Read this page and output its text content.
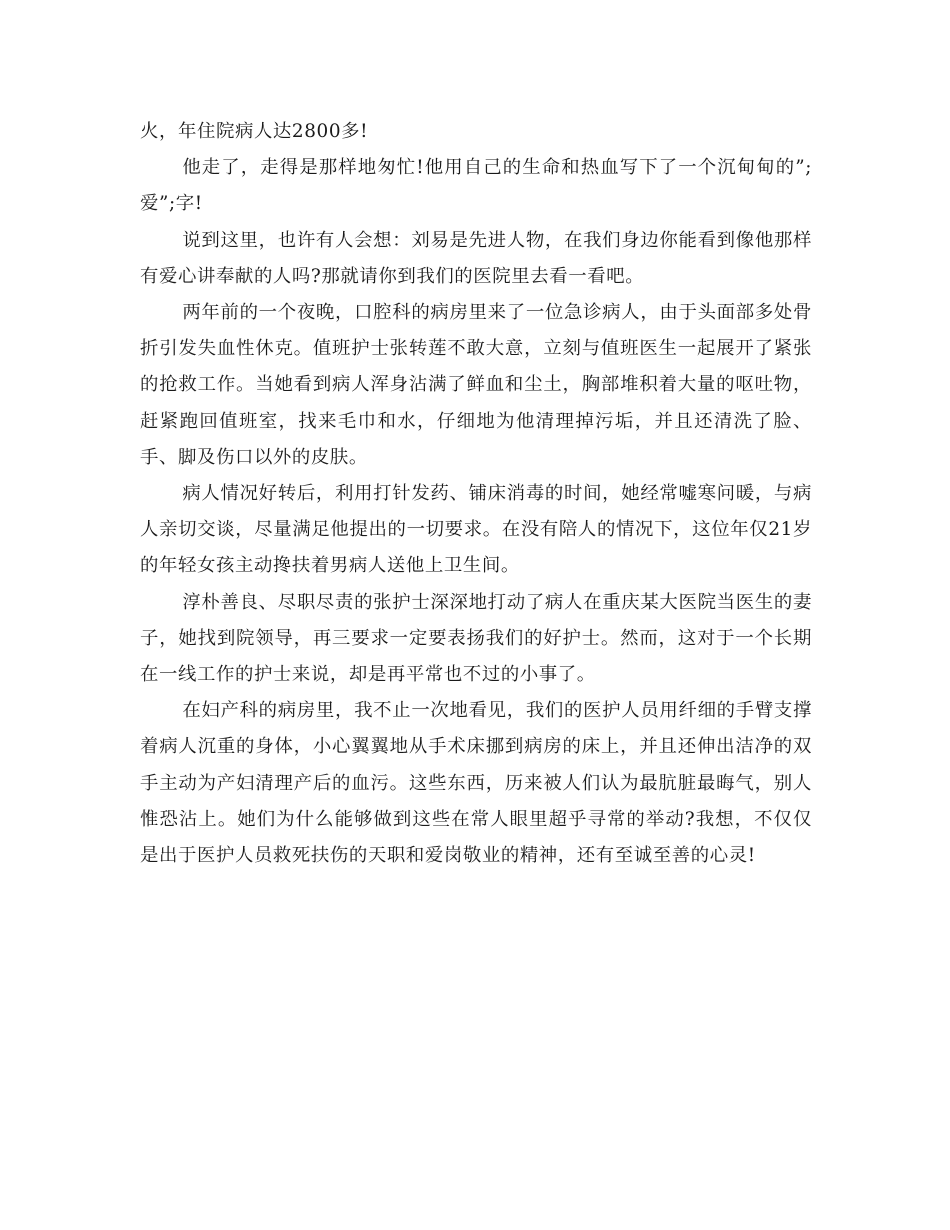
火，年住院病人达2800多!

他走了，走得是那样地匆忙!他用自己的生命和热血写下了一个沉甸甸的”;爱”;字!

说到这里，也许有人会想：刘易是先进人物，在我们身边你能看到像他那样有爱心讲奉献的人吗?那就请你到我们的医院里去看一看吧。

两年前的一个夜晚，口腔科的病房里来了一位急诊病人，由于头面部多处骨折引发失血性休克。值班护士张转莲不敢大意，立刻与值班医生一起展开了紧张的抢救工作。当她看到病人浑身沾满了鲜血和尘土，胸部堆积着大量的呕吐物，赶紧跑回值班室，找来毛巾和水，仔细地为他清理掉污垢，并且还清洗了脸、手、脚及伤口以外的皮肤。

病人情况好转后，利用打针发药、铺床消毒的时间，她经常嘘寒问暖，与病人亲切交谈，尽量满足他提出的一切要求。在没有陪人的情况下，这位年仅21岁的年轻女孩主动搀扶着男病人送他上卫生间。

淳朴善良、尽职尽责的张护士深深地打动了病人在重庆某大医院当医生的妻子，她找到院领导，再三要求一定要表扬我们的好护士。然而，这对于一个长期在一线工作的护士来说，却是再平常也不过的小事了。

在妇产科的病房里，我不止一次地看见，我们的医护人员用纤细的手臂支撑着病人沉重的身体，小心翼翼地从手术床挪到病房的床上，并且还伸出洁净的双手主动为产妇清理产后的血污。这些东西，历来被人们认为最肮脏最晦气，别人惟恐沾上。她们为什么能够做到这些在常人眼里超乎寻常的举动?我想，不仅仅是出于医护人员救死扶伤的天职和爱岗敬业的精神，还有至诚至善的心灵!
